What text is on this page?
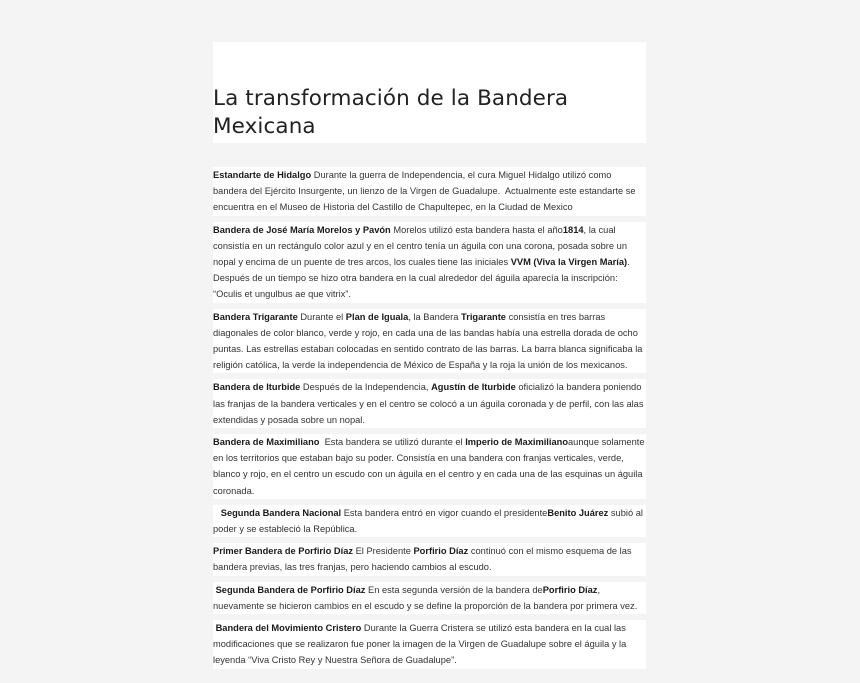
La transformación de la Bandera Mexicana

Estandarte de Hidalgo Durante la guerra de Independencia, el cura Miguel Hidalgo utilizó como bandera del Ejército Insurgente, un lienzo de la Virgen de Guadalupe.  Actualmente este estandarte se encuentra en el Museo de Historia del Castillo de Chapultepec, en la Ciudad de Mexico

Bandera de José María Morelos y Pavón Morelos utilizó esta bandera hasta el año1814, la cual consistía en un rectángulo color azul y en el centro tenía un águila con una corona, posada sobre un nopal y encima de un puente de tres arcos, los cuales tiene las iniciales VVM (Viva la Virgen María). Después de un tiempo se hizo otra bandera en la cual alrededor del águila aparecía la inscripción: “Oculis et ungulbus ae que vitrix”.

Bandera Trigarante Durante el Plan de Iguala, la Bandera Trigarante consistía en tres barras diagonales de color blanco, verde y rojo, en cada una de las bandas había una estrella dorada de ocho puntas. Las estrellas estaban colocadas en sentido contrato de las barras. La barra blanca significaba la religión católica, la verde la independencia de México de España y la roja la unión de los mexicanos.

Bandera de Iturbide Después de la Independencia, Agustín de Iturbide oficializó la bandera poniendo las franjas de la bandera verticales y en el centro se colocó a un águila coronada y de perfil, con las alas extendidas y posada sobre un nopal.

Bandera de Maximiliano  Esta bandera se utilizó durante el Imperio de Maximilianoaunque solamente en los territorios que estaban bajo su poder. Consistía en una bandera con franjas verticales, verde, blanco y rojo, en el centro un escudo con un águila en el centro y en cada una de las esquinas un águila coronada.

Segunda Bandera Nacional Esta bandera entró en vigor cuando el presidenteBenito Juárez subió al poder y se estableció la República.

Primer Bandera de Porfirio Díaz El Presidente Porfirio Díaz continuó con el mismo esquema de las bandera previas, las tres franjas, pero haciendo cambios al escudo.

Segunda Bandera de Porfirio Díaz En esta segunda versión de la bandera dePorfirio Díaz, nuevamente se hicieron cambios en el escudo y se define la proporción de la bandera por primera vez.

Bandera del Movimiento Cristero Durante la Guerra Cristera se utilizó esta bandera en la cual las modificaciones que se realizaron fue poner la imagen de la Virgen de Guadalupe sobre el águila y la leyenda “Viva Cristo Rey y Nuestra Señora de Guadalupe”.
